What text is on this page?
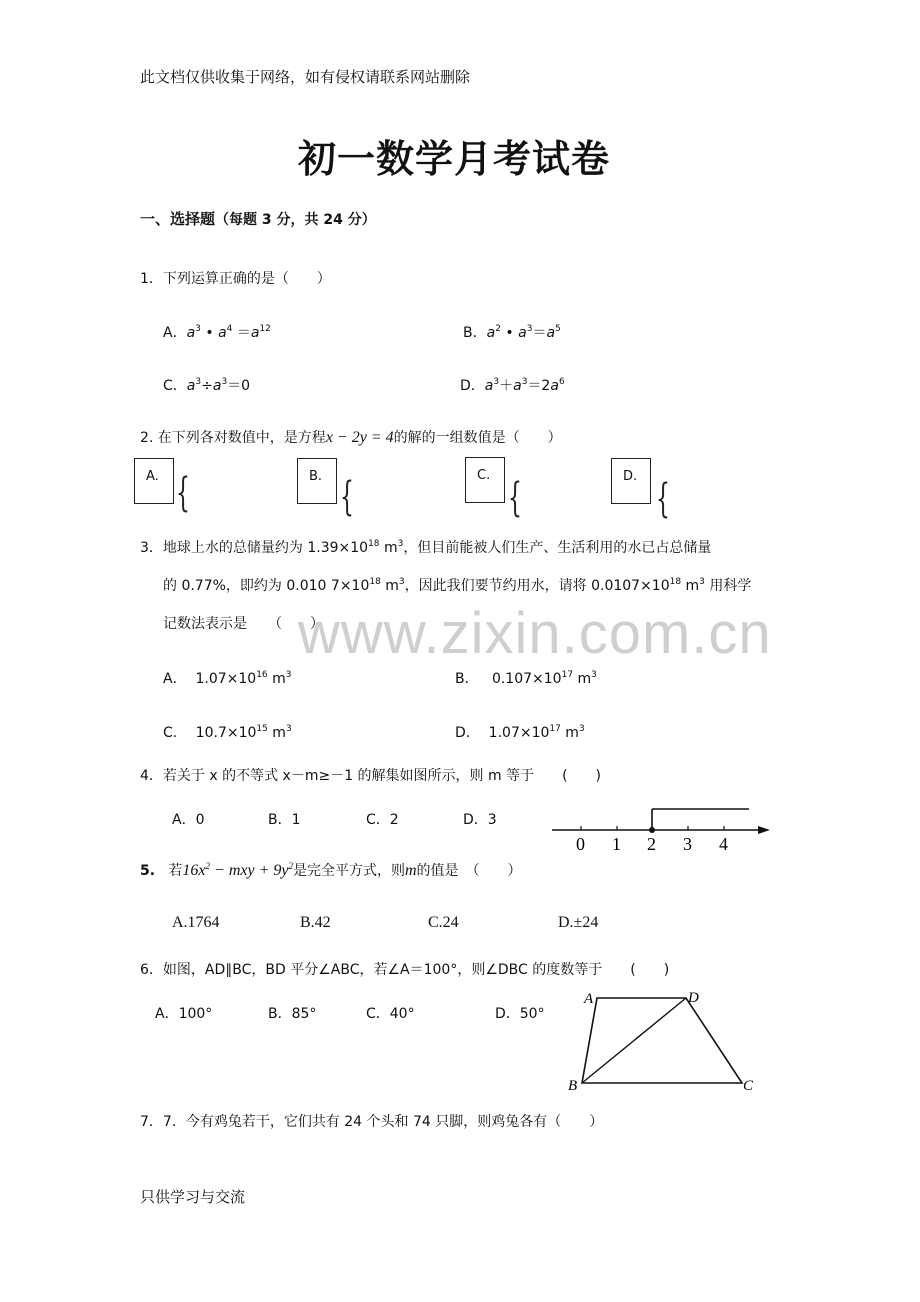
www.zixin.com.cn
此文档仅供收集于网络，如有侵权请联系网站删除
初一数学月考试卷
一、选择题（每题 3 分，共 24 分）
1．下列运算正确的是（　　）
A．$a^3$ • $a^4 =a^{12}$	B．$a^2$ • $a^3=a^5$
C．$a^3\div a^3=0$	D．$a^3+a^3=2a^6$
2. 在下列各对数值中，是方程x − 2y = 4的解的一组数值是（　　）
A. {	B. {	C. {	D. {
3．地球上水的总储量约为 $1.39\times 10^{18}$ $m^3$，但目前能被人们生产、生活利用的水已占总储量
的 0.77%，即约为 0.010 $7\times 10^{18}$ $m^3$，因此我们要节约用水，请将 $0.0107\times 10^{18}$ $m^3$ 用科学
记数法表示是　　（　　）
A．  $1.07\times 10^{16}$ $m^3$	B．   $0.107\times 10^{17}$ $m^3$
C．  $10.7\times 10^{15}$ $m^3$	D．  $1.07\times 10^{17}$ $m^3$
4．若关于 x 的不等式 x－m≥－1 的解集如图所示，则 m 等于　　(　　)
A．0	B．1	C．2	D．3
0 1 2 3 4
5. 若$16x^2$ − mxy + $9y^2$是完全平方式，则m的值是　（　　）
A.1764	B.42	C.24	D.±24
6．如图，AD∥BC，BD 平分∠ABC，若∠A＝100°，则∠DBC 的度数等于　　(　　)
A．100°	B．85°	C．40°	D．50°
A	D
B	C
7．7．今有鸡兔若干，它们共有 24 个头和 74 只脚，则鸡兔各有（　　）
只供学习与交流
